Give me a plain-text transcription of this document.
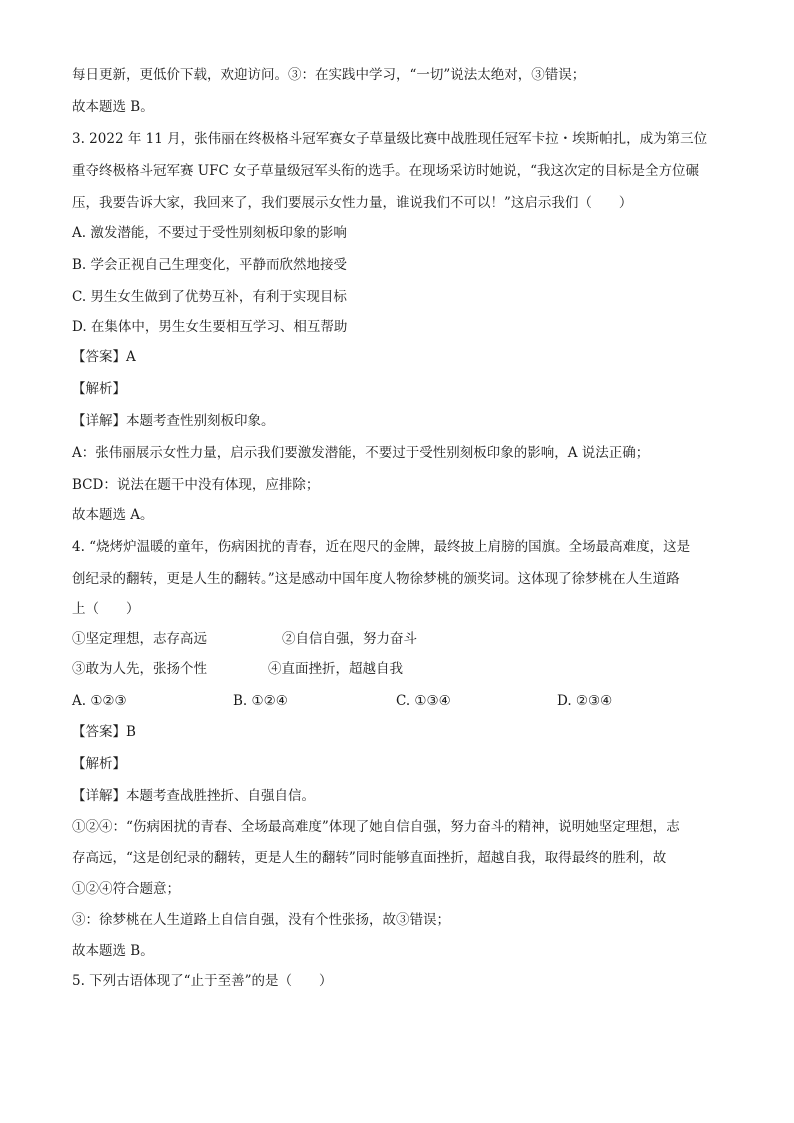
每日更新，更低价下载，欢迎访问。③：在实践中学习，“一切”说法太绝对，③错误；
故本题选 B。
3. 2022 年 11 月，张伟丽在终极格斗冠军赛女子草量级比赛中战胜现任冠军卡拉・埃斯帕扎，成为第三位
重夺终极格斗冠军赛 UFC 女子草量级冠军头衔的选手。在现场采访时她说，“我这次定的目标是全方位碾
压，我要告诉大家，我回来了，我们要展示女性力量，谁说我们不可以！”这启示我们（　　）
A. 激发潜能，不要过于受性别刻板印象的影响
B. 学会正视自己生理变化，平静而欣然地接受
C. 男生女生做到了优势互补，有利于实现目标
D. 在集体中，男生女生要相互学习、相互帮助
【答案】A
【解析】
【详解】本题考查性别刻板印象。
A：张伟丽展示女性力量，启示我们要激发潜能，不要过于受性别刻板印象的影响，A 说法正确；
BCD：说法在题干中没有体现，应排除；
故本题选 A。
4. “烧烤炉温暖的童年，伤病困扰的青春，近在咫尺的金牌，最终披上肩膀的国旗。全场最高难度，这是
创纪录的翻转，更是人生的翻转。”这是感动中国年度人物徐梦桃的颁奖词。这体现了徐梦桃在人生道路
上（　　）
①坚定理想，志存高远	②自信自强，努力奋斗
③敢为人先，张扬个性	④直面挫折，超越自我
A. ①②③	B. ①②④	C. ①③④	D. ②③④
【答案】B
【解析】
【详解】本题考查战胜挫折、自强自信。
①②④：“伤病困扰的青春、全场最高难度”体现了她自信自强，努力奋斗的精神，说明她坚定理想，志
存高远，“这是创纪录的翻转，更是人生的翻转”同时能够直面挫折，超越自我，取得最终的胜利，故
①②④符合题意；
③：徐梦桃在人生道路上自信自强，没有个性张扬，故③错误；
故本题选 B。
5. 下列古语体现了“止于至善”的是（　　）
